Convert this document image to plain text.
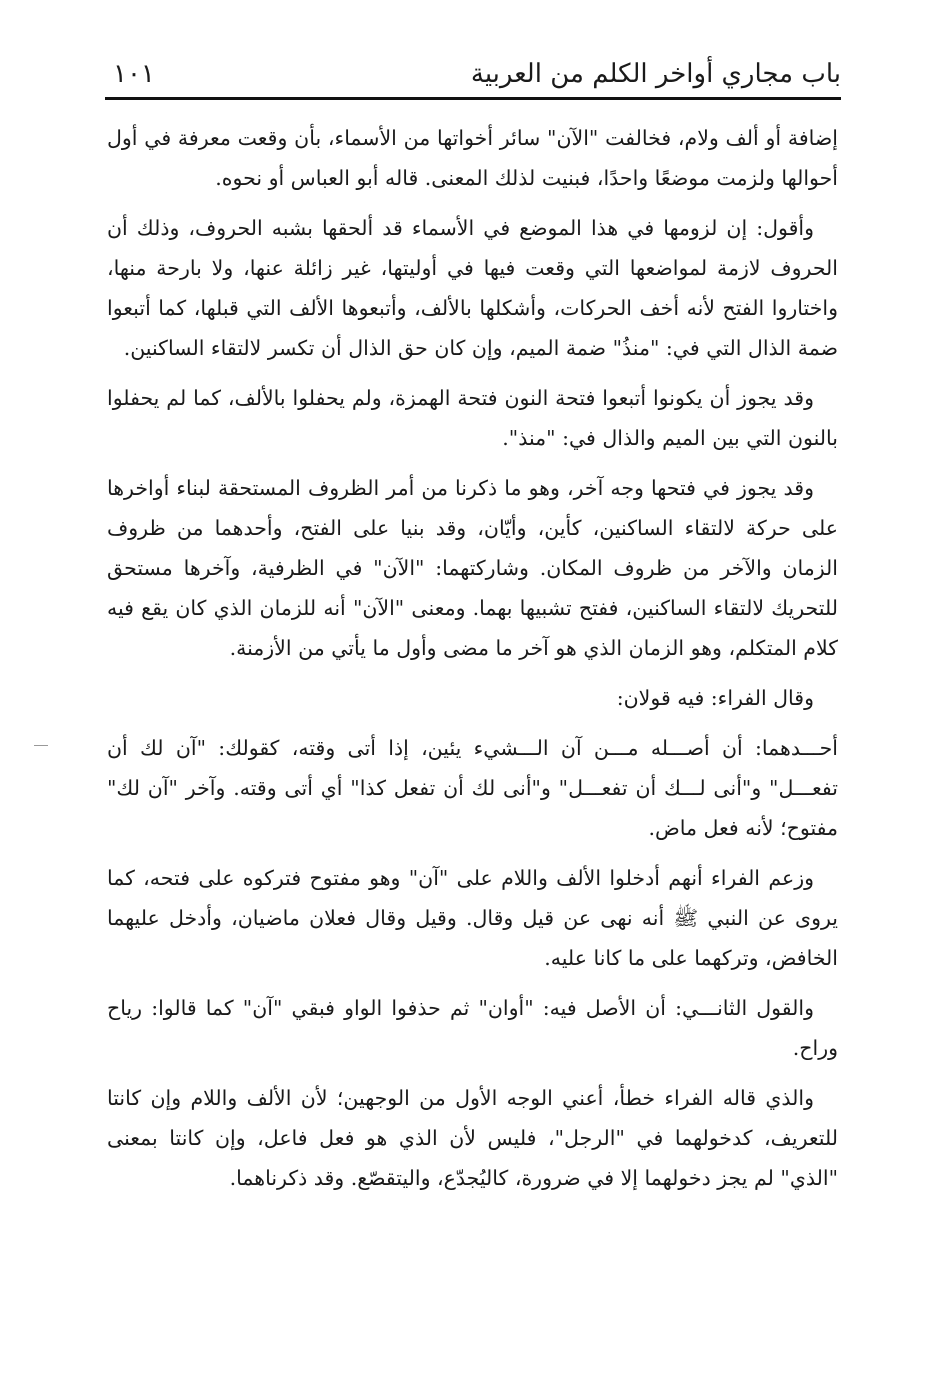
باب مجاري أواخر الكلم من العربية
١٠١

إضافة أو ألف ولام، فخالفت "الآن" سائر أخواتها من الأسماء، بأن وقعت معرفة في أول أحوالها ولزمت موضعًا واحدًا، فبنيت لذلك المعنى. قاله أبو العباس أو نحوه.

وأقول: إن لزومها في هذا الموضع في الأسماء قد ألحقها بشبه الحروف، وذلك أن الحروف لازمة لمواضعها التي وقعت فيها في أوليتها، غير زائلة عنها، ولا بارحة منها، واختاروا الفتح لأنه أخف الحركات، وأشكلها بالألف، وأتبعوها الألف التي قبلها، كما أتبعوا ضمة الذال التي في: "منذُ" ضمة الميم، وإن كان حق الذال أن تكسر لالتقاء الساكنين.

وقد يجوز أن يكونوا أتبعوا فتحة النون فتحة الهمزة، ولم يحفلوا بالألف، كما لم يحفلوا بالنون التي بين الميم والذال في: "منذ".

وقد يجوز في فتحها وجه آخر، وهو ما ذكرنا من أمر الظروف المستحقة لبناء أواخرها على حركة لالتقاء الساكنين، كأين، وأيّان، وقد بنيا على الفتح، وأحدهما من ظروف الزمان والآخر من ظروف المكان. وشاركتهما: "الآن" في الظرفية، وآخرها مستحق للتحريك لالتقاء الساكنين، ففتح تشبيها بهما. ومعنى "الآن" أنه للزمان الذي كان يقع فيه كلام المتكلم، وهو الزمان الذي هو آخر ما مضى وأول ما يأتي من الأزمنة.

وقال الفراء: فيه قولان:

أحـــدهما: أن أصـــله مـــن آن الـــشيء يئين، إذا أتى وقته، كقولك: "آن لك أن تفعـــل" و"أنى لـــك أن تفعـــل" و"أنى لك أن تفعل كذا" أي أتى وقته. وآخر "آن لك" مفتوح؛ لأنه فعل ماض.

وزعم الفراء أنهم أدخلوا الألف واللام على "آن" وهو مفتوح فتركوه على فتحه، كما يروى عن النبي ﷺ أنه نهى عن قيل وقال. وقيل وقال فعلان ماضيان، وأدخل عليهما الخافض، وتركهما على ما كانا عليه.

والقول الثانـــي: أن الأصل فيه: "أوان" ثم حذفوا الواو فبقي "آن" كما قالوا: رياح وراح.

والذي قاله الفراء خطأ، أعني الوجه الأول من الوجهين؛ لأن الألف واللام وإن كانتا للتعريف، كدخولهما في "الرجل"، فليس لأن الذي هو فعل فاعل، وإن كانتا بمعنى "الذي" لم يجز دخولهما إلا في ضرورة، كاليُجدّع، واليتقصّع. وقد ذكرناهما.
